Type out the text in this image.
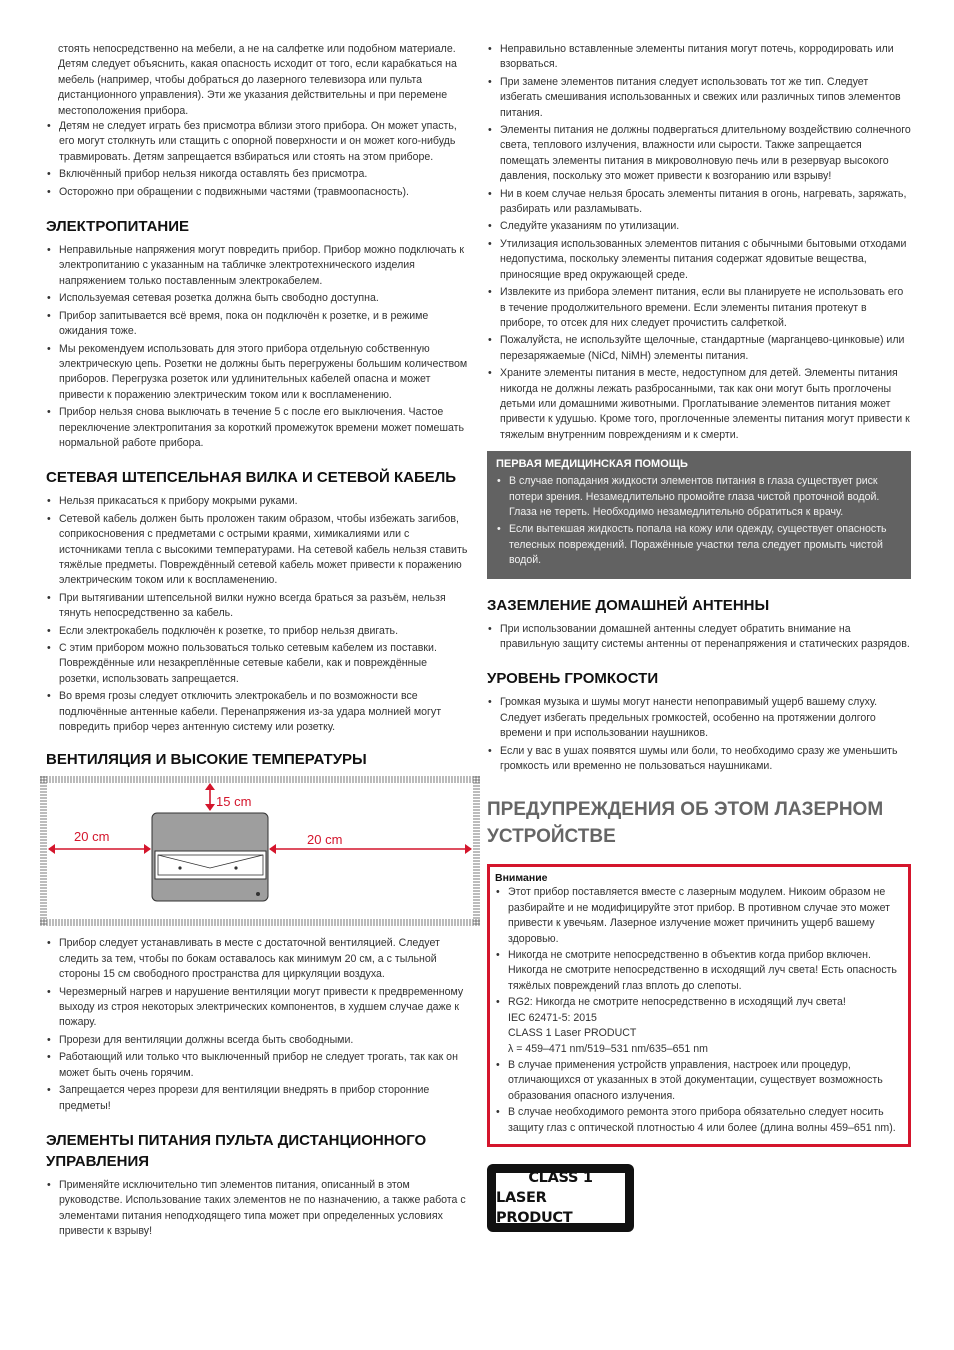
стоять непосредственно на мебели, а не на салфетке или подобном материале. Детям следует объяснить, какая опасность исходит от того, если карабкаться на мебель (например, чтобы добраться до лазерного телевизора или пульта дистанционного управления). Эти же указания действительны и при перемене местоположения прибора.

• Детям не следует играть без присмотра вблизи этого прибора. Он может упасть, его могут столкнуть или стащить с опорной поверхности и он может кого-нибудь травмировать. Детям запрещается взбираться или стоять на этом приборе.
• Включённый прибор нельзя никогда оставлять без присмотра.
• Осторожно при обращении с подвижными частями (травмоопасность).
ЭЛЕКТРОПИТАНИЕ
• Неправильные напряжения могут повредить прибор. Прибор можно подключать к электропитанию с указанным на табличке электротехнического изделия напряжением только поставленным электрокабелем.
• Используемая сетевая розетка должна быть свободно доступна.
• Прибор запитывается всё время, пока он подключён к розетке, и в режиме ожидания тоже.
• Мы рекомендуем использовать для этого прибора отдельную собственную электрическую цепь. Розетки не должны быть перегружены большим количеством приборов. Перегрузка розеток или удлинительных кабелей опасна и может привести к поражению электрическим током или к воспламенению.
• Прибор нельзя снова выключать в течение 5 с после его выключения. Частое переключение электропитания за короткий промежуток времени может помешать нормальной работе прибора.
СЕТЕВАЯ ШТЕПСЕЛЬНАЯ ВИЛКА И СЕТЕВОЙ КАБЕЛЬ
• Нельзя прикасаться к прибору мокрыми руками.
• Сетевой кабель должен быть проложен таким образом, чтобы избежать загибов, соприкосновения с предметами с острыми краями, химикалиями или с источниками тепла с высокими температурами. На сетевой кабель нельзя ставить тяжёлые предметы. Повреждённый сетевой кабель может привести к поражению электрическим током или к воспламенению.
• При вытягивании штепсельной вилки нужно всегда браться за разъём, нельзя тянуть непосредственно за кабель.
• Если электрокабель подключён к розетке, то прибор нельзя двигать.
• С этим прибором можно пользоваться только сетевым кабелем из поставки. Повреждённые или незакреплённые сетевые кабели, как и повреждённые розетки, использовать запрещается.
• Во время грозы следует отключить электрокабель и по возможности все подлючённые антенные кабели. Перенапряжения из-за удара молнией могут повредить прибор через антенную систему или розетку.
ВЕНТИЛЯЦИЯ И ВЫСОКИЕ ТЕМПЕРАТУРЫ
15 cm
20 cm	20 cm
• Прибор следует устанавливать в месте с достаточной вентиляцией. Следует следить за тем, чтобы по бокам оставалось как минимум 20 см, а с тыльной стороны 15 см свободного пространства для циркуляции воздуха.
• Черезмерный нагрев и нарушение вентиляции могут привести к предвременному выходу из строя некоторых электрических компонентов, в худшем случае даже к пожару.
• Прорези для вентиляции должны всегда быть свободными.
• Работающий или только что выключенный прибор не следует трогать, так как он может быть очень горячим.
• Запрещается через прорези для вентиляции внедрять в прибор сторонние предметы!
ЭЛЕМЕНТЫ ПИТАНИЯ ПУЛЬТА ДИСТАНЦИОННОГО УПРАВЛЕНИЯ
• Применяйте исключительно тип элементов питания, описанный в этом руководстве. Использование таких элементов не по назначению, а также работа с элементами питания неподходящего типа может при определенных условиях привести к взрыву!
• Неправильно вставленные элементы питания могут потечь, корродировать или взорваться.
• При замене элементов питания следует использовать тот же тип. Следует избегать смешивания использованных и свежих или различных типов элементов питания.
• Элементы питания не должны подвергаться длительному воздействию солнечного света, теплового излучения, влажности или сырости. Также запрещается помещать элементы питания в микроволновую печь или в резервуар высокого давления, поскольку это может привести к возгоранию или взрыву!
• Ни в коем случае нельзя бросать элементы питания в огонь, нагревать, заряжать, разбирать или разламывать.
• Следуйте указаниям по утилизации.
• Утилизация использованных элементов питания с обычными бытовыми отходами недопустима, поскольку элементы питания содержат ядовитые вещества, приносящие вред окружающей среде.
• Извлеките из прибора элемент питания, если вы планируете не использовать его в течение продолжительного времени. Если элементы питания протекут в приборе, то отсек для них следует прочистить салфеткой.
• Пожалуйста, не используйте щелочные, стандартные (марганцево-цинковые) или перезаряжаемые (NiCd, NiMH) элементы питания.
• Храните элементы питания в месте, недоступном для детей. Элементы питания никогда не должны лежать разбросанными, так как они могут быть проглочены детьми или домашними животными. Проглатывание элементов питания может привести к удушью. Кроме того, проглоченные элементы питания могут привести к тяжелым внутренним повреждениям и к смерти.
ПЕРВАЯ МЕДИЦИНСКАЯ ПОМОЩЬ
• В случае попадания жидкости элементов питания в глаза существует риск потери зрения. Незамедлительно промойте глаза чистой проточной водой. Глаза не тереть. Необходимо незамедлительно обратиться к врачу.
• Если вытекшая жидкость попала на кожу или одежду, существует опасность телесных повреждений. Поражённые участки тела следует промыть чистой водой.
ЗАЗЕМЛЕНИЕ ДОМАШНЕЙ АНТЕННЫ
• При использовании домашней антенны следует обратить внимание на правильную защиту системы антенны от перенапряжения и статических разрядов.
УРОВЕНЬ ГРОМКОСТИ
• Громкая музыка и шумы могут нанести непоправимый ущерб вашему слуху. Следует избегать предельных громкостей, особенно на протяжении долгого времени и при использовании наушников.
• Если у вас в ушах появятся шумы или боли, то необходимо сразу же уменьшить громкость или временно не пользоваться наушниками.
ПРЕДУПРЕЖДЕНИЯ ОБ ЭТОМ ЛАЗЕРНОМ УСТРОЙСТВЕ
Внимание
• Этот прибор поставляется вместе с лазерным модулем. Никоим образом не разбирайте и не модифицируйте этот прибор. В противном случае это может привести к увечьям. Лазерное излучение может причинить ущерб вашему здоровью.
• Никогда не смотрите непосредственно в объектив когда прибор включен. Никогда не смотрите непосредственно в исходящий луч света! Есть опасность тяжёлых повреждений глаз вплоть до слепоты.
• RG2: Никогда не смотрите непосредственно в исходящий луч света!
IEC 62471-5: 2015
CLASS 1 Laser PRODUCT
λ = 459–471 nm/519–531 nm/635–651 nm
• В случае применения устройств управления, настроек или процедур, отличающихся от указанных в этой документации, существует возможность образования опасного излучения.
• В случае необходимого ремонта этого прибора обязательно следует носить защиту глаз с оптической плотностью 4 или более (длина волны 459–651 nm).
CLASS 1
LASER PRODUCT
